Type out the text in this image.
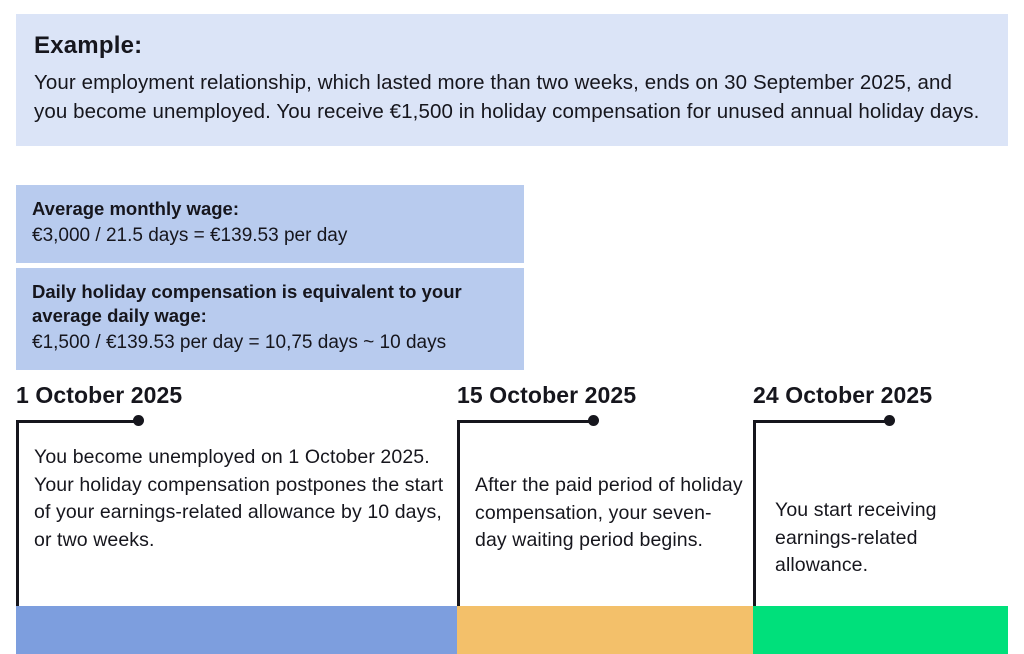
Example:
Your employment relationship, which lasted more than two weeks, ends on 30 September 2025, and you become unemployed. You receive €1,500 in holiday compensation for unused annual holiday days.
Average monthly wage:
€3,000 / 21.5 days = €139.53 per day
Daily holiday compensation is equivalent to your average daily wage:
€1,500 / €139.53 per day = 10,75 days ~ 10 days
1 October 2025
You become unemployed on 1 October 2025. Your holiday compensation postpones the start of your earnings-related allowance by 10 days, or two weeks.
15 October 2025
After the paid period of holiday compensation, your seven-day waiting period begins.
24 October 2025
You start receiving earnings-related allowance.
